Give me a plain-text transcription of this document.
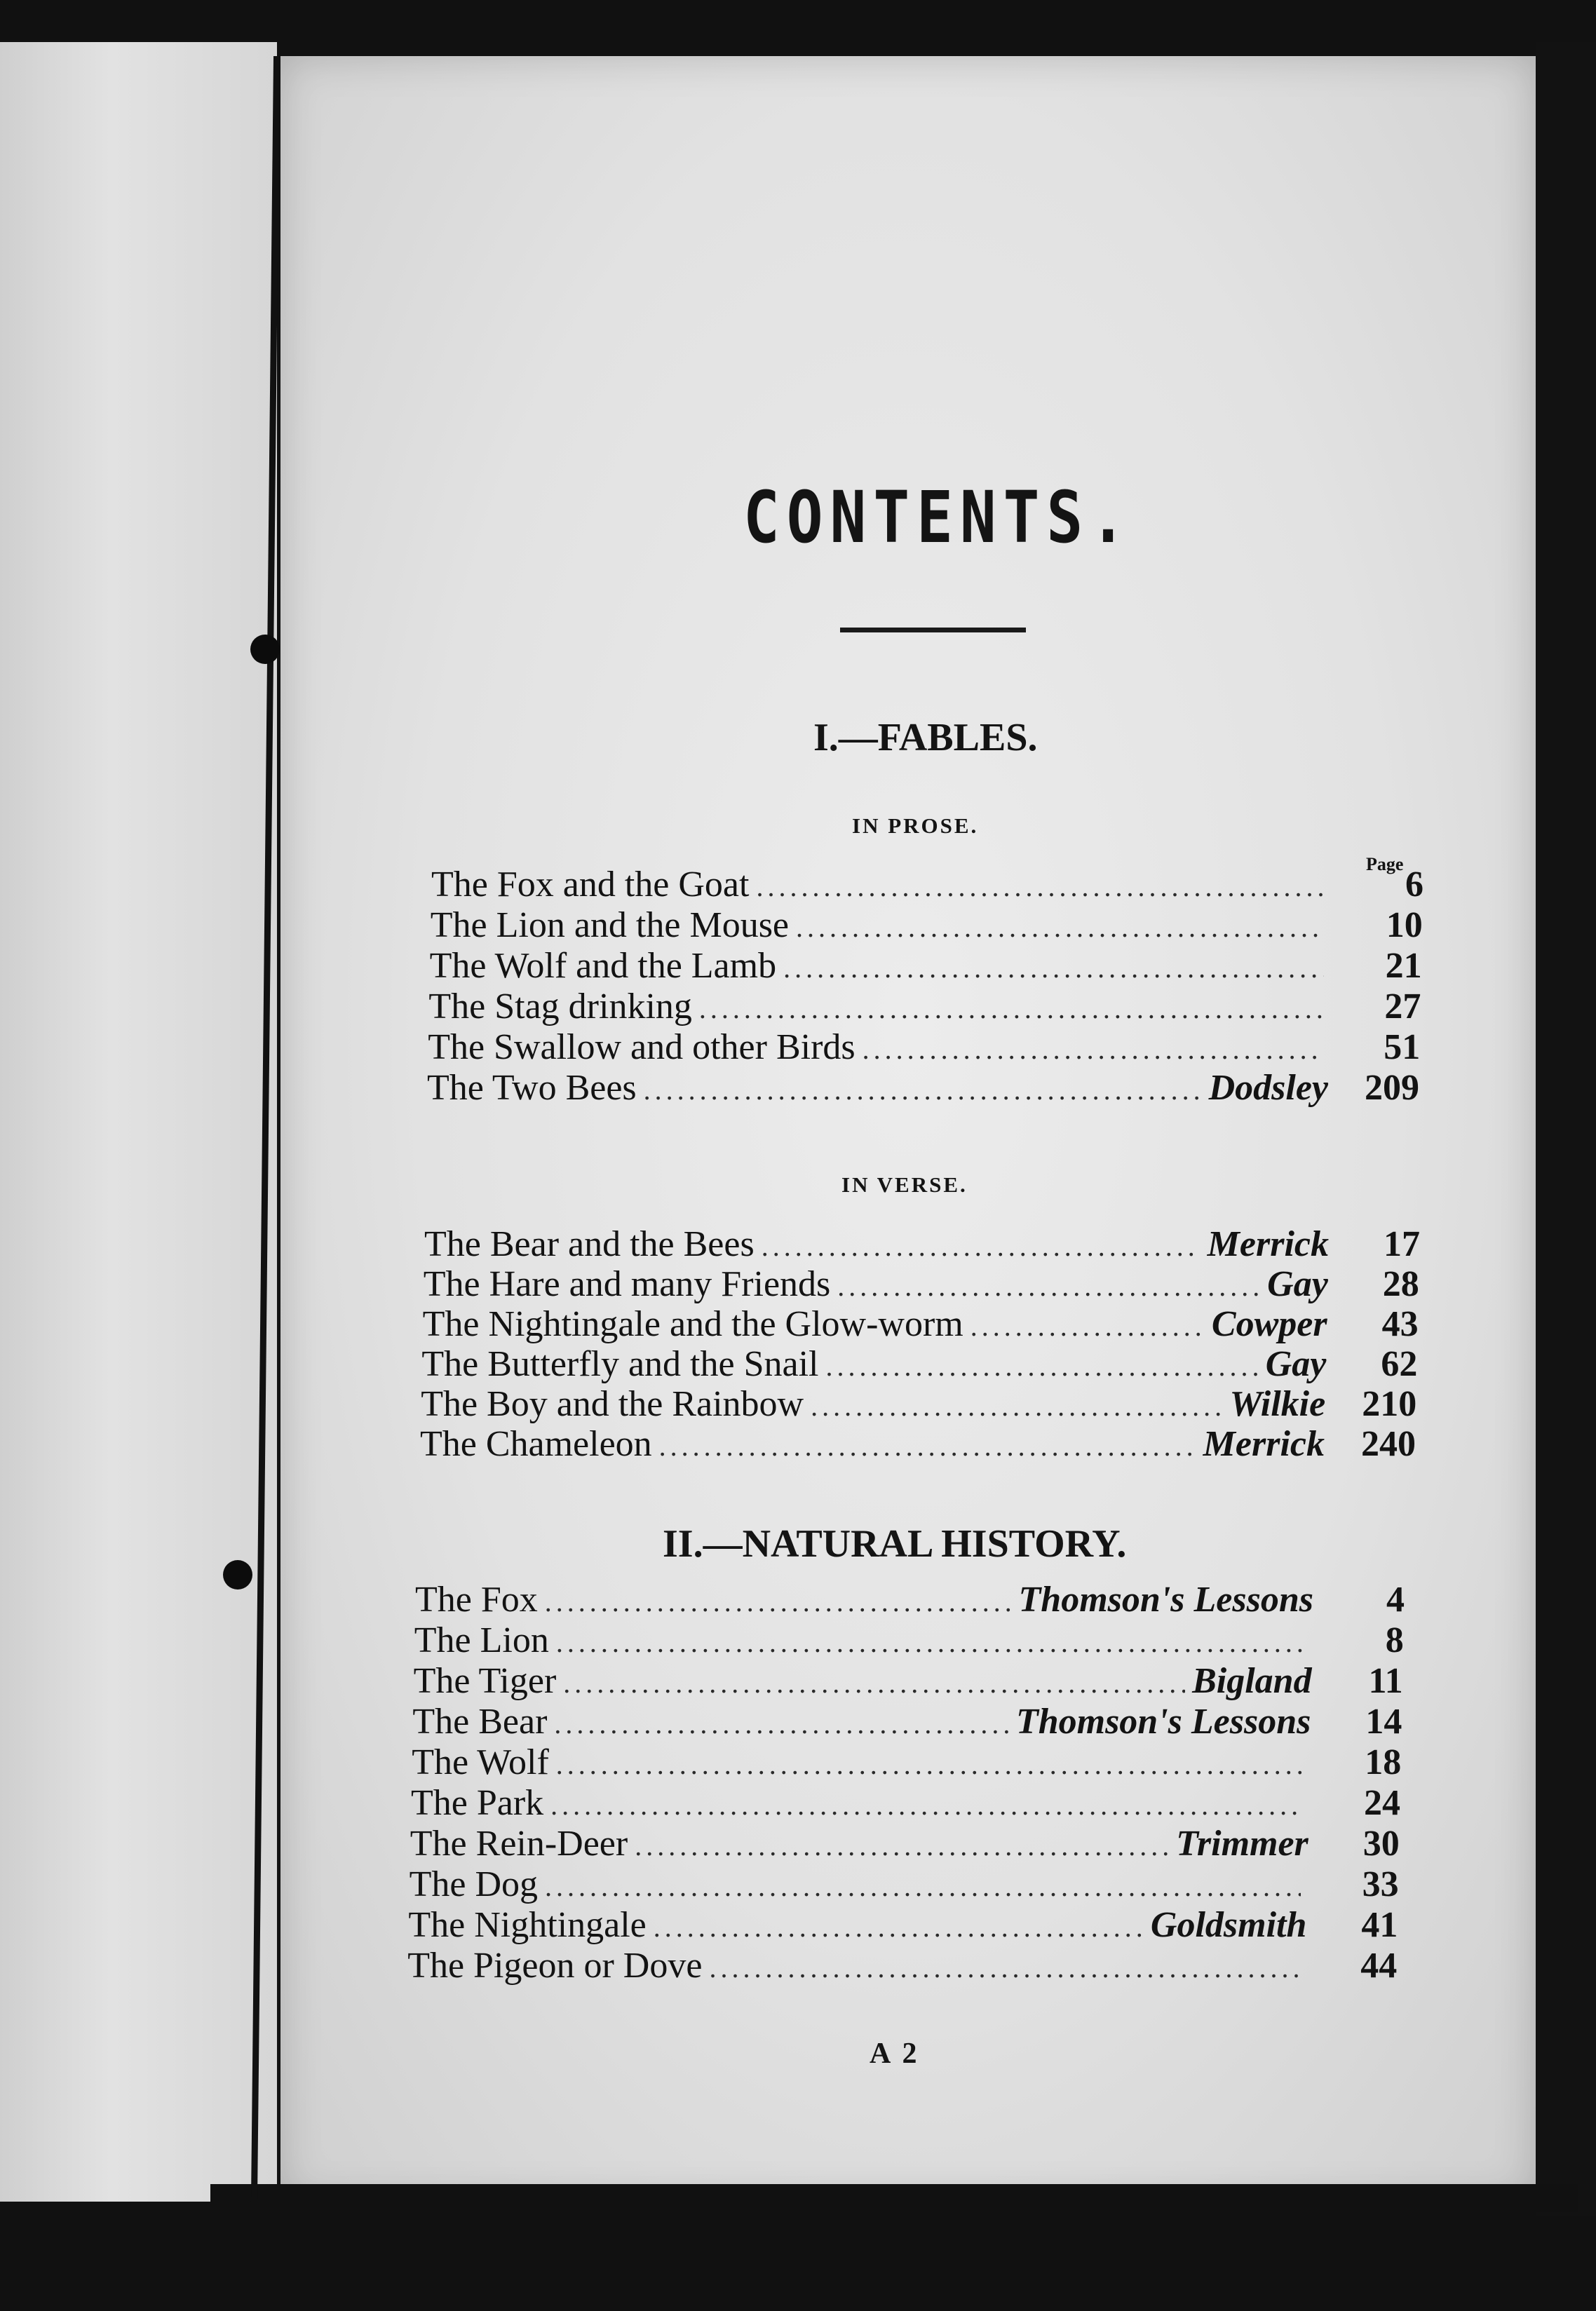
CONTENTS.
I.—FABLES.
IN PROSE.
Page
IN VERSE.
II.—NATURAL HISTORY.
The Fox and the Goat .....	6
The Lion and the Mouse .....	10
The Wolf and the Lamb .....	21
The Stag drinking .....	27
The Swallow and other Birds .....	51
The Two Bees .....	Dodsley	209
The Bear and the Bees .....	Merrick	17
The Hare and many Friends .....	Gay	28
The Nightingale and the Glow-worm .....	Cowper	43
The Butterfly and the Snail .....	Gay	62
The Boy and the Rainbow .....	Wilkie	210
The Chameleon .....	Merrick	240
The Fox .....	Thomson's Lessons	4
The Lion .....	8
The Tiger .....	Bigland	11
The Bear .....	Thomson's Lessons	14
The Wolf .....	18
The Park .....	24
The Rein-Deer .....	Trimmer	30
The Dog .....	33
The Nightingale .....	Goldsmith	41
The Pigeon or Dove .....	44
A 2
